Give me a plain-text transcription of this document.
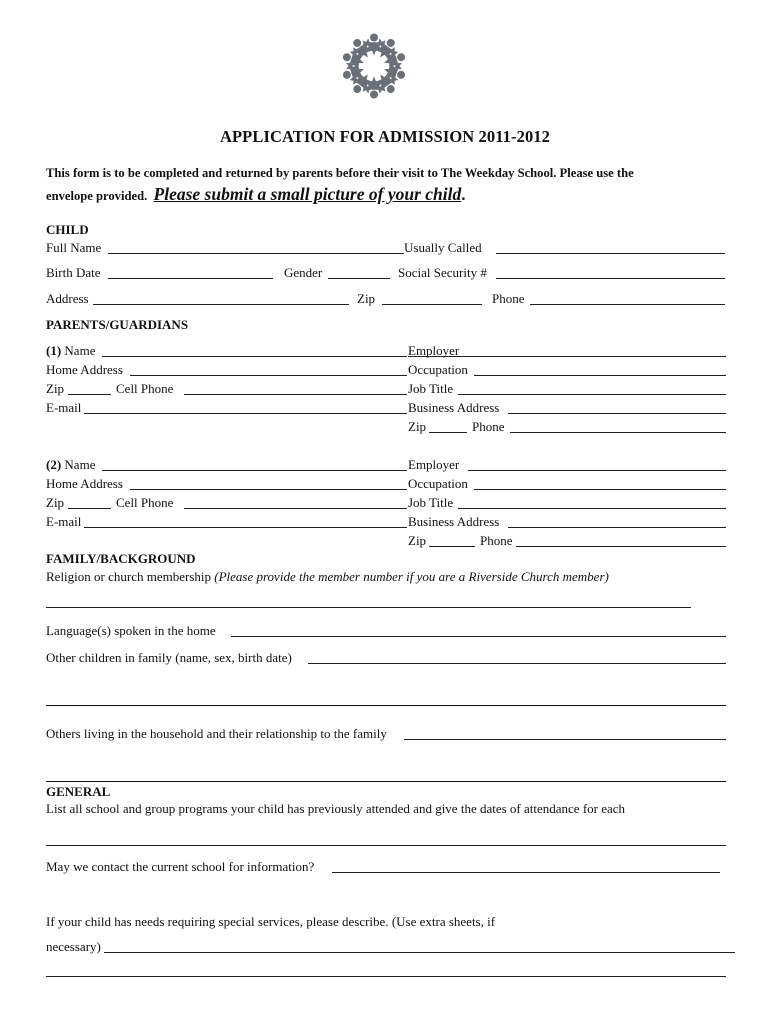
APPLICATION FOR ADMISSION 2011-2012
This form is to be completed and returned by parents before their visit to The Weekday School. Please use the
envelope provided. Please submit a small picture of your child.
CHILD
Full Name	Usually Called
Birth Date	Gender	Social Security #
Address	Zip	Phone
PARENTS/GUARDIANS
(1) Name	Employer
Home Address	Occupation
Zip	Cell Phone	Job Title
E-mail	Business Address
Zip	Phone
(2) Name	Employer
Home Address	Occupation
Zip	Cell Phone	Job Title
E-mail	Business Address
Zip	Phone
FAMILY/BACKGROUND
Religion or church membership (Please provide the member number if you are a Riverside Church member)
Language(s) spoken in the home
Other children in family (name, sex, birth date)
Others living in the household and their relationship to the family
GENERAL
List all school and group programs your child has previously attended and give the dates of attendance for each
May we contact the current school for information?
If your child has needs requiring special services, please describe. (Use extra sheets, if
necessary)
